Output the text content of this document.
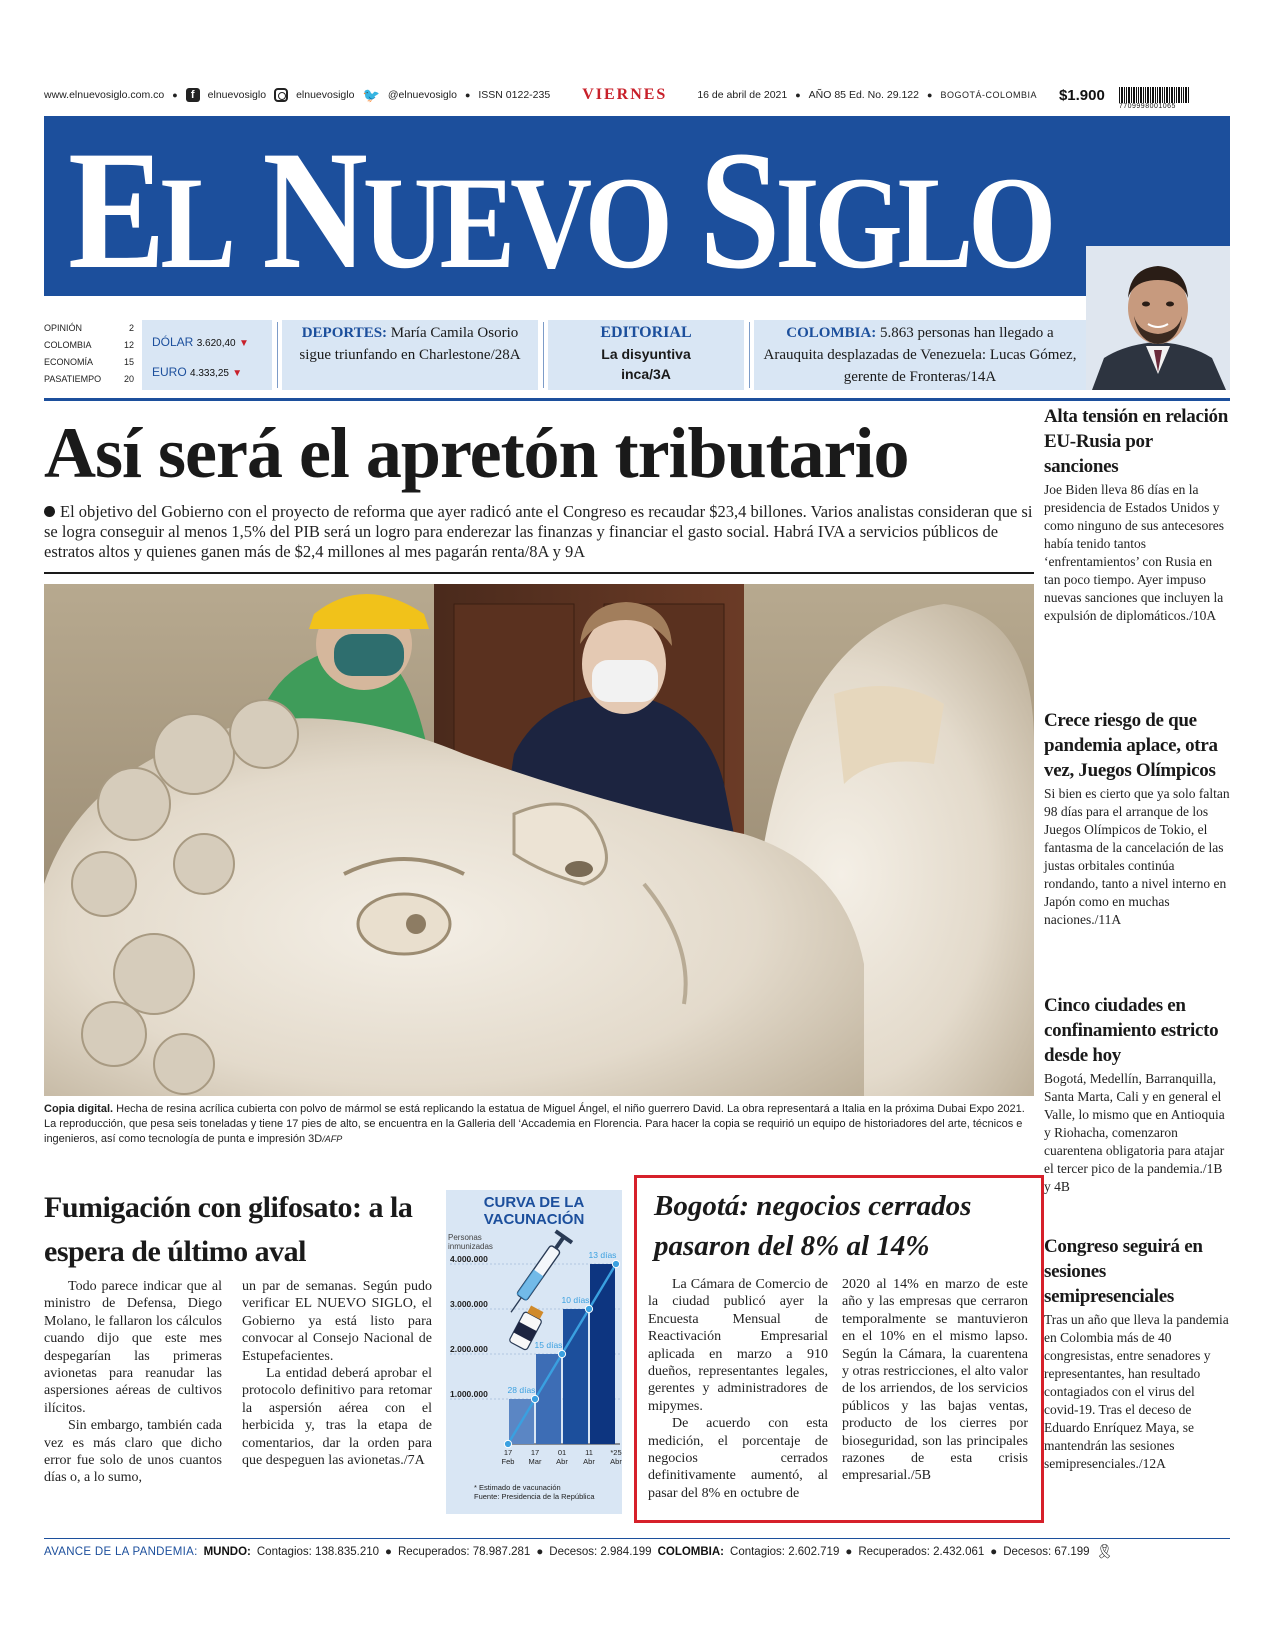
www.elnuevosiglo.com.co ●	f	elnuevosiglo	elnuevosiglo 🐦 @elnuevosiglo ● ISSN 0122-235 VIERNES	16 de abril de 2021 ● AÑO 85 Ed. No. 29.122 ● BOGOTÁ-COLOMBIA $1.900
7709998001065
EL NUEVO SIGLO
OPINIÓN	2
COLOMBIA	12
ECONOMÍA	15
PASATIEMPO	20
DÓLAR 3.620,40 ▼
EURO 4.333,25 ▼
DEPORTES: María Camila Osorio sigue triunfando en Charlestone/28A
EDITORIAL
La disyuntiva inca/3A
COLOMBIA: 5.863 personas han llegado a Arauquita desplazadas de Venezuela: Lucas Gómez, gerente de Fronteras/14A
Así será el apretón tributario

El objetivo del Gobierno con el proyecto de reforma que ayer radicó ante el Congreso es recaudar $23,4 billones. Varios analistas consideran que si se logra conseguir al menos 1,5% del PIB será un logro para enderezar las finanzas y financiar el gasto social. Habrá IVA a servicios públicos de estratos altos y quienes ganen más de $2,4 millones al mes pagarán renta/8A y 9A

Copia digital. Hecha de resina acrílica cubierta con polvo de mármol se está replicando la estatua de Miguel Ángel, el niño guerrero David. La obra representará a Italia en la próxima Dubai Expo 2021. La reproducción, que pesa seis toneladas y tiene 17 pies de alto, se encuentra en la Galleria dell ‘Accademia en Florencia. Para hacer la copia se requirió un equipo de historiadores del arte, técnicos e ingenieros, así como tecnología de punta e impresión 3D/AFP

Alta tensión en relación EU-Rusia por sanciones

Joe Biden lleva 86 días en la presidencia de Estados Unidos y como ninguno de sus antecesores había tenido tantos ‘enfrentamientos’ con Rusia en tan poco tiempo. Ayer impuso nuevas sanciones que incluyen la expulsión de diplomáticos./10A

Crece riesgo de que pandemia aplace, otra vez, Juegos Olímpicos

Si bien es cierto que ya solo faltan 98 días para el arranque de los Juegos Olímpicos de Tokio, el fantasma de la cancelación de las justas orbitales continúa rondando, tanto a nivel interno en Japón como en muchas naciones./11A

Cinco ciudades en confinamiento estricto desde hoy

Bogotá, Medellín, Barranquilla, Santa Marta, Cali y en general el Valle, lo mismo que en Antioquia y Riohacha, comenzaron cuarentena obligatoria para atajar el tercer pico de la pandemia./1B y 4B

Congreso seguirá en sesiones semipresenciales

Tras un año que lleva la pandemia en Colombia más de 40 congresistas, entre senadores y representantes, han resultado contagiados con el virus del covid-19. Tras el deceso de Eduardo Enríquez Maya, se mantendrán las sesiones semipresenciales./12A

Fumigación con glifosato: a la espera de último aval

Todo parece indicar que al ministro de Defensa, Diego Molano, le fallaron los cálculos cuando dijo que este mes despegarían las primeras avionetas para reanudar las aspersiones aéreas de cultivos ilícitos.

Sin embargo, también cada vez es más claro que dicho error fue solo de unos cuantos días o, a lo sumo,

un par de semanas. Según pudo verificar EL NUEVO SIGLO, el Gobierno ya está listo para convocar al Consejo Nacional de Estupefacientes.

La entidad deberá aprobar el protocolo definitivo para retomar la aspersión aérea con el herbicida y, tras la etapa de comentarios, dar la orden para que despeguen las avionetas./7A

CURVA DE LA
VACUNACIÓN
Personas
inmunizadas
1.000.000
2.000.000
3.000.000
4.000.000
28 días
15 días
10 días
13 días
17
Feb
17
Mar
01
Abr
11
Abr
*25
Abr
* Estimado de vacunación
Fuente: Presidencia de la República
Bogotá: negocios cerrados pasaron del 8% al 14%

La Cámara de Comercio de la ciudad publicó ayer la Encuesta Mensual de Reactivación Empresarial aplicada en marzo a 910 dueños, representantes legales, gerentes y administradores de mipymes.

De acuerdo con esta medición, el porcentaje de negocios cerrados definitivamente aumentó, al pasar del 8% en octubre de

2020 al 14% en marzo de este año y las empresas que cerraron temporalmente se mantuvieron en el 10% en el mismo lapso. Según la Cámara, la cuarentena y otras restricciones, el alto valor de los arriendos, de los servicios públicos y las bajas ventas, producto de los cierres por bioseguridad, son las principales razones de esta crisis empresarial./5B

AVANCE DE LA PANDEMIA: MUNDO: Contagios: 138.835.210 ● Recuperados: 78.987.281 ● Decesos: 2.984.199 COLOMBIA: Contagios: 2.602.719 ● Recuperados: 2.432.061 ● Decesos: 67.199 🎗
